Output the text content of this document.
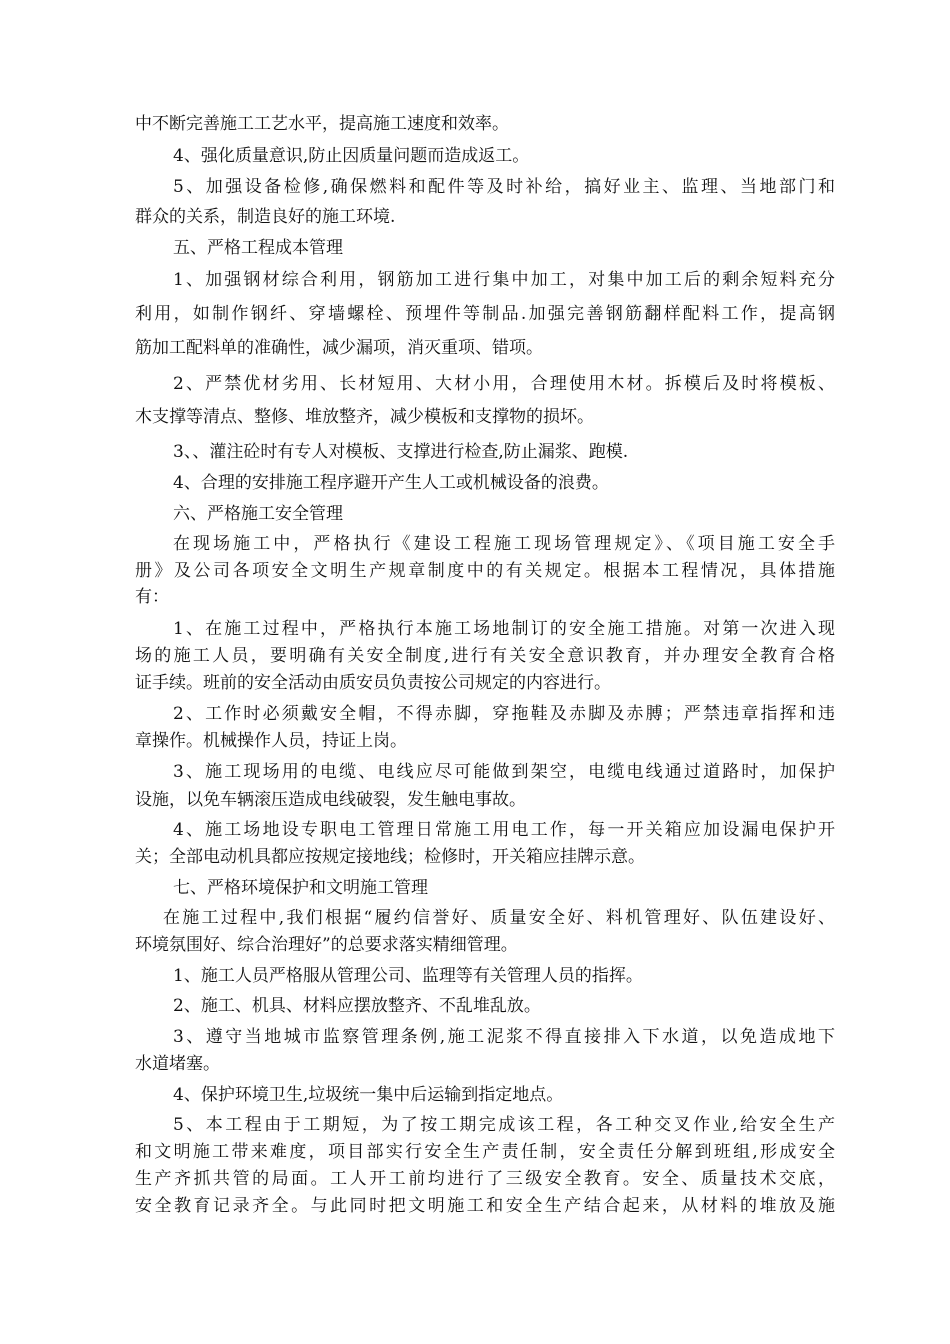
中不断完善施工工艺水平，提高施工速度和效率。
4、强化质量意识,防止因质量问题而造成返工。
5、加强设备检修,确保燃料和配件等及时补给，搞好业主、监理、当地部门和
群众的关系，制造良好的施工环境.
五、严格工程成本管理
1、加强钢材综合利用，钢筋加工进行集中加工，对集中加工后的剩余短料充分
利用，如制作钢纤、穿墙螺栓、预埋件等制品.加强完善钢筋翻样配料工作，提高钢
筋加工配料单的准确性，减少漏项，消灭重项、错项。
2、严禁优材劣用、长材短用、大材小用，合理使用木材。拆模后及时将模板、
木支撑等清点、整修、堆放整齐，减少模板和支撑物的损坏。
3、、灌注砼时有专人对模板、支撑进行检查,防止漏浆、跑模.
4、合理的安排施工程序避开产生人工或机械设备的浪费。
六、严格施工安全管理
在现场施工中，严格执行《建设工程施工现场管理规定》、《项目施工安全手
册》及公司各项安全文明生产规章制度中的有关规定。根据本工程情况，具体措施
有：
1、在施工过程中，严格执行本施工场地制订的安全施工措施。对第一次进入现
场的施工人员，要明确有关安全制度,进行有关安全意识教育，并办理安全教育合格
证手续。班前的安全活动由质安员负责按公司规定的内容进行。
2、工作时必须戴安全帽，不得赤脚，穿拖鞋及赤脚及赤膊；严禁违章指挥和违
章操作。机械操作人员，持证上岗。
3、施工现场用的电缆、电线应尽可能做到架空，电缆电线通过道路时，加保护
设施，以免车辆滚压造成电线破裂，发生触电事故。
4、施工场地设专职电工管理日常施工用电工作，每一开关箱应加设漏电保护开
关；全部电动机具都应按规定接地线；检修时，开关箱应挂牌示意。
七、严格环境保护和文明施工管理
在施工过程中,我们根据“履约信誉好、质量安全好、料机管理好、队伍建设好、
环境氛围好、综合治理好”的总要求落实精细管理。
1、施工人员严格服从管理公司、监理等有关管理人员的指挥。
2、施工、机具、材料应摆放整齐、不乱堆乱放。
3、遵守当地城市监察管理条例,施工泥浆不得直接排入下水道，以免造成地下
水道堵塞。
4、保护环境卫生,垃圾统一集中后运输到指定地点。
5、本工程由于工期短，为了按工期完成该工程，各工种交叉作业,给安全生产
和文明施工带来难度，项目部实行安全生产责任制，安全责任分解到班组,形成安全
生产齐抓共管的局面。工人开工前均进行了三级安全教育。安全、质量技术交底，
安全教育记录齐全。与此同时把文明施工和安全生产结合起来，从材料的堆放及施
